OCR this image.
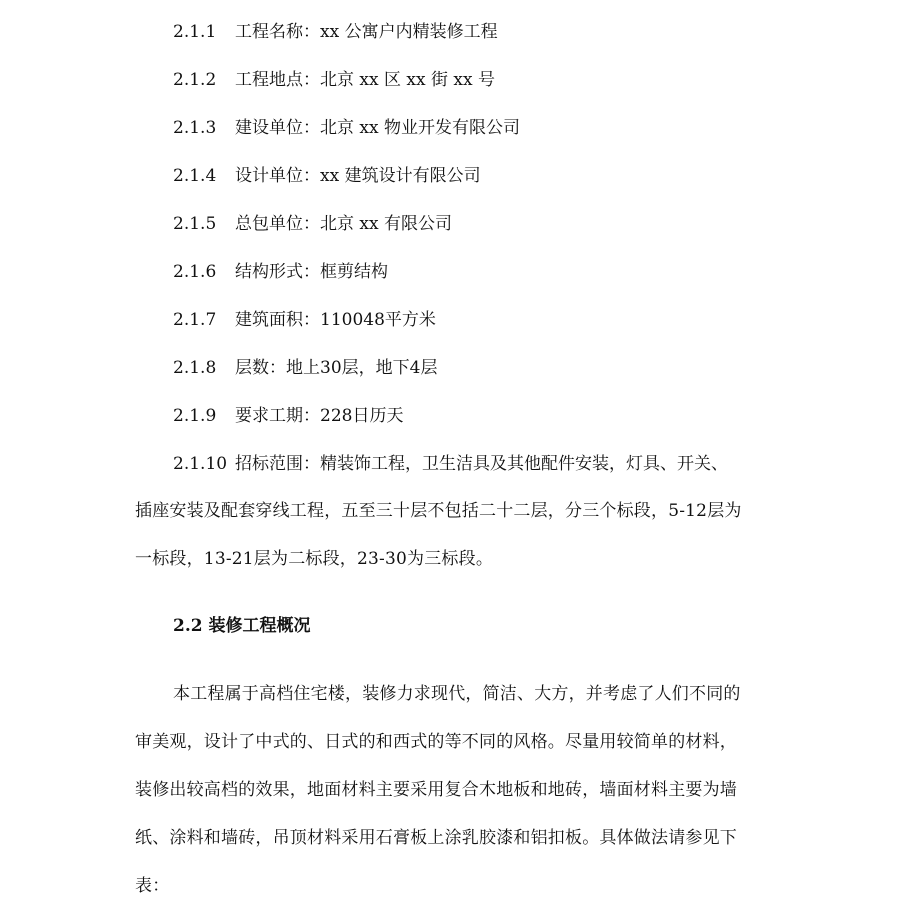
2.1.1 工程名称：xx 公寓户内精装修工程
2.1.2 工程地点：北京 xx 区 xx 街 xx 号
2.1.3 建设单位：北京 xx 物业开发有限公司
2.1.4 设计单位：xx 建筑设计有限公司
2.1.5 总包单位：北京 xx 有限公司
2.1.6 结构形式：框剪结构
2.1.7 建筑面积：110048平方米
2.1.8 层数：地上30层，地下4层
2.1.9 要求工期：228日历天
2.1.10 招标范围：精装饰工程，卫生洁具及其他配件安装，灯具、开关、
插座安装及配套穿线工程，五至三十层不包括二十二层，分三个标段，5-12层为
一标段，13-21层为二标段，23-30为三标段。
2.2 装修工程概况
本工程属于高档住宅楼，装修力求现代，简洁、大方，并考虑了人们不同的
审美观，设计了中式的、日式的和西式的等不同的风格。尽量用较简单的材料，
装修出较高档的效果，地面材料主要采用复合木地板和地砖，墙面材料主要为墙
纸、涂料和墙砖，吊顶材料采用石膏板上涂乳胶漆和铝扣板。具体做法请参见下
表：
